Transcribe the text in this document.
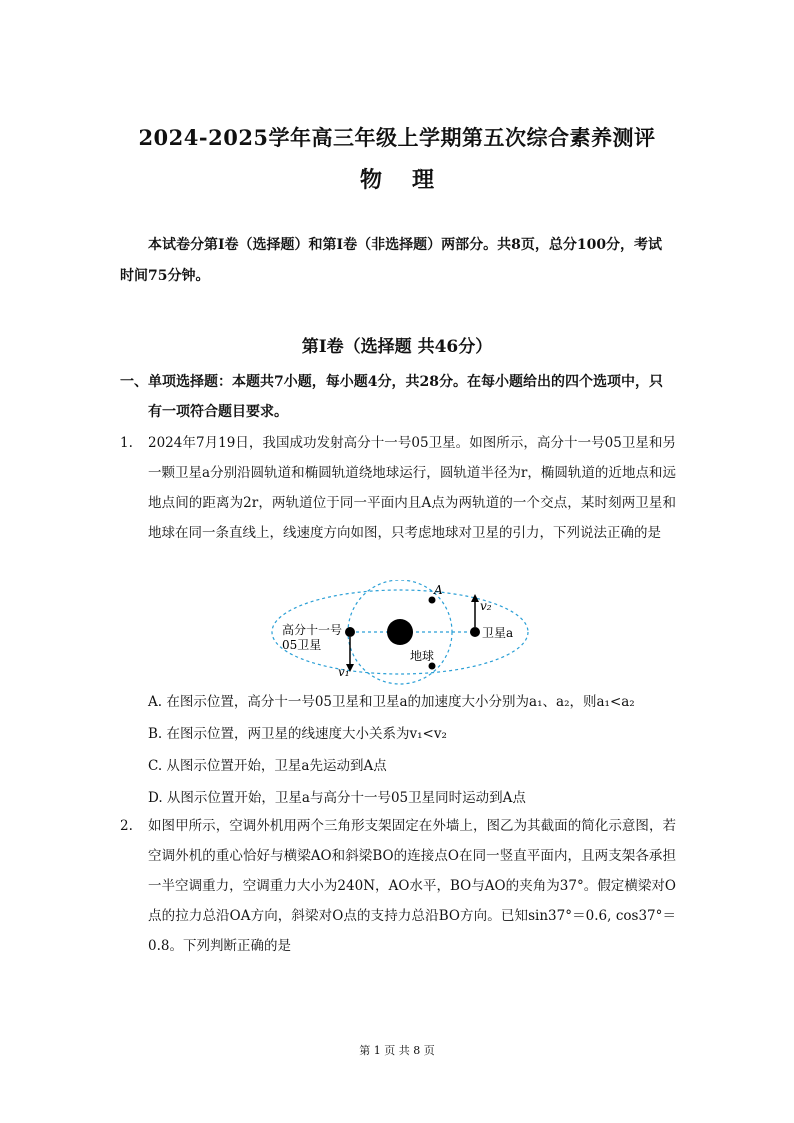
2024-2025学年高三年级上学期第五次综合素养测评
物理
本试卷分第I卷（选择题）和第I卷（非选择题）两部分。共8页，总分100分，考试时间75分钟。
第I卷（选择题 共46分）
一、单项选择题：本题共7小题，每小题4分，共28分。在每小题给出的四个选项中，只
有一项符合题目要求。
1. 2024年7月19日，我国成功发射高分十一号05卫星。如图所示，高分十一号05卫星和另一颗卫星a分别沿圆轨道和椭圆轨道绕地球运行，圆轨道半径为r，椭圆轨道的近地点和远地点间的距离为2r，两轨道位于同一平面内且A点为两轨道的一个交点，某时刻两卫星和地球在同一条直线上，线速度方向如图，只考虑地球对卫星的引力，下列说法正确的是
高分十一号
05卫星
卫星a
地球
A
v₁
v₂
A. 在图示位置，高分十一号05卫星和卫星a的加速度大小分别为a₁、a₂，则a₁<a₂
B. 在图示位置，两卫星的线速度大小关系为v₁<v₂
C. 从图示位置开始，卫星a先运动到A点
D. 从图示位置开始，卫星a与高分十一号05卫星同时运动到A点
2. 如图甲所示，空调外机用两个三角形支架固定在外墙上，图乙为其截面的简化示意图，若空调外机的重心恰好与横梁AO和斜梁BO的连接点O在同一竖直平面内，且两支架各承担一半空调重力，空调重力大小为240N，AO水平，BO与AO的夹角为37°。假定横梁对O点的拉力总沿OA方向，斜梁对O点的支持力总沿BO方向。已知sin37°＝0.6, cos37°＝0.8。下列判断正确的是
第 1 页 共 8 页
